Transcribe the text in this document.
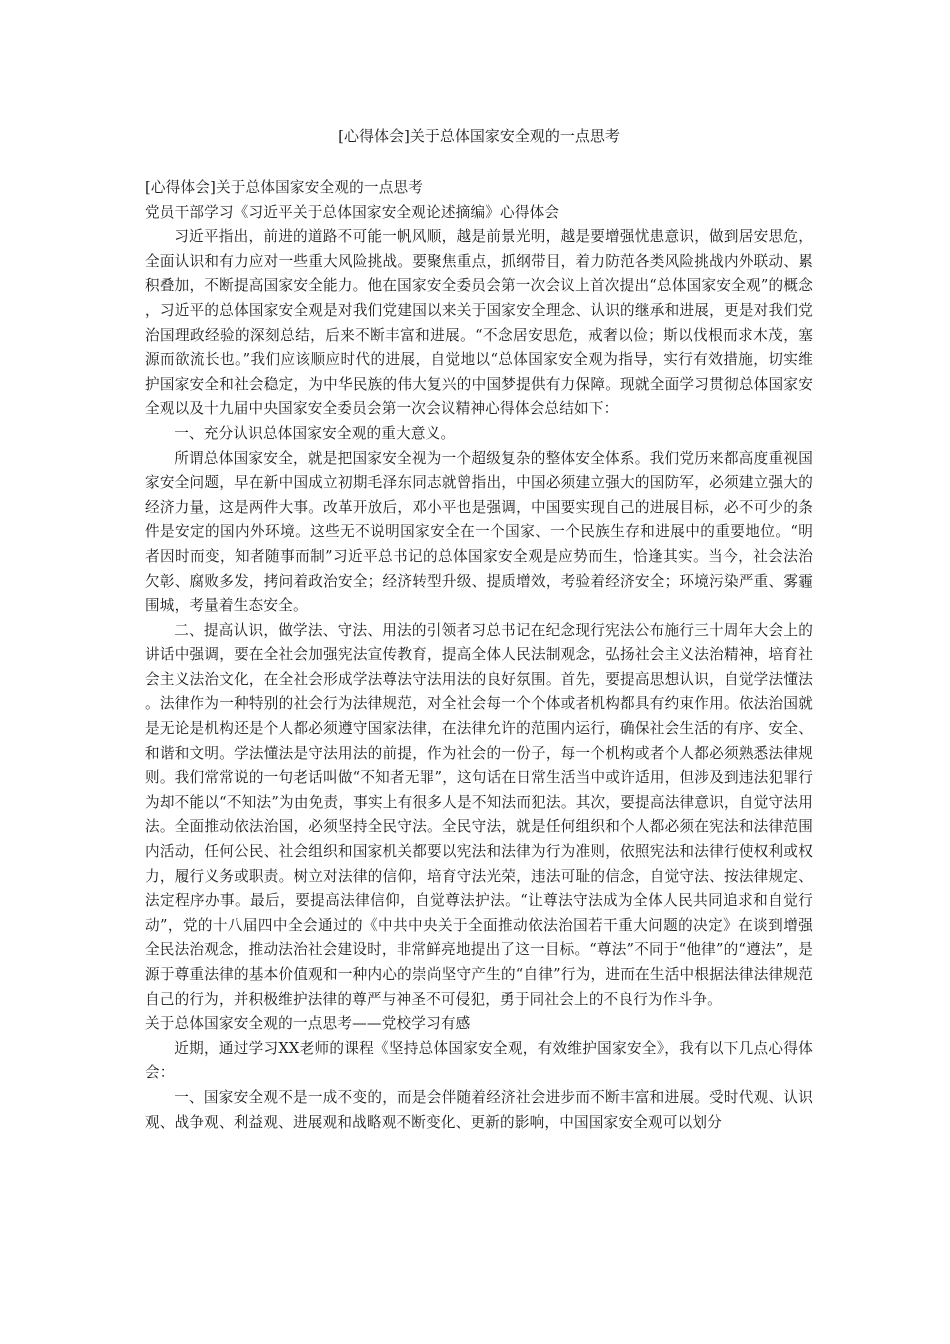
[心得体会]关于总体国家安全观的一点思考

[心得体会]关于总体国家安全观的一点思考

党员干部学习《习近平关于总体国家安全观论述摘编》心得体会

习近平指出，前进的道路不可能一帆风顺，越是前景光明，越是要增强忧患意识，做到居安思危，全面认识和有力应对一些重大风险挑战。要聚焦重点，抓纲带目，着力防范各类风险挑战内外联动、累积叠加，不断提高国家安全能力。他在国家安全委员会第一次会议上首次提出“总体国家安全观”的概念，习近平的总体国家安全观是对我们党建国以来关于国家安全理念、认识的继承和进展，更是对我们党治国理政经验的深刻总结，后来不断丰富和进展。“不念居安思危，戒奢以俭；斯以伐根而求木茂，塞源而欲流长也。”我们应该顺应时代的进展，自觉地以“总体国家安全观为指导，实行有效措施，切实维护国家安全和社会稳定，为中华民族的伟大复兴的中国梦提供有力保障。现就全面学习贯彻总体国家安全观以及十九届中央国家安全委员会第一次会议精神心得体会总结如下：

一、充分认识总体国家安全观的重大意义。

所谓总体国家安全，就是把国家安全视为一个超级复杂的整体安全体系。我们党历来都高度重视国家安全问题，早在新中国成立初期毛泽东同志就曾指出，中国必须建立强大的国防军，必须建立强大的经济力量，这是两件大事。改革开放后，邓小平也是强调，中国要实现自己的进展目标，必不可少的条件是安定的国内外环境。这些无不说明国家安全在一个国家、一个民族生存和进展中的重要地位。“明者因时而变，知者随事而制”习近平总书记的总体国家安全观是应势而生，恰逢其实。当今，社会法治欠彰、腐败多发，拷问着政治安全；经济转型升级、提质增效，考验着经济安全；环境污染严重、雾霾围城，考量着生态安全。

二、提高认识，做学法、守法、用法的引领者习总书记在纪念现行宪法公布施行三十周年大会上的讲话中强调，要在全社会加强宪法宣传教育，提高全体人民法制观念，弘扬社会主义法治精神，培育社会主义法治文化，在全社会形成学法尊法守法用法的良好氛围。首先，要提高思想认识，自觉学法懂法。法律作为一种特别的社会行为法律规范，对全社会每一个个体或者机构都具有约束作用。依法治国就是无论是机构还是个人都必须遵守国家法律，在法律允许的范围内运行，确保社会生活的有序、安全、和谐和文明。学法懂法是守法用法的前提，作为社会的一份子，每一个机构或者个人都必须熟悉法律规则。我们常常说的一句老话叫做“不知者无罪”，这句话在日常生活当中或许适用，但涉及到违法犯罪行为却不能以“不知法”为由免责，事实上有很多人是不知法而犯法。其次，要提高法律意识，自觉守法用法。全面推动依法治国，必须坚持全民守法。全民守法，就是任何组织和个人都必须在宪法和法律范围内活动，任何公民、社会组织和国家机关都要以宪法和法律为行为准则，依照宪法和法律行使权利或权力，履行义务或职责。树立对法律的信仰，培育守法光荣，违法可耻的信念，自觉守法、按法律规定、法定程序办事。最后，要提高法律信仰，自觉尊法护法。“让尊法守法成为全体人民共同追求和自觉行动”，党的十八届四中全会通过的《中共中央关于全面推动依法治国若干重大问题的决定》在谈到增强全民法治观念，推动法治社会建设时，非常鲜亮地提出了这一目标。“尊法”不同于“他律”的“遵法”，是源于尊重法律的基本价值观和一种内心的崇尚坚守产生的“自律”行为，进而在生活中根据法律法律规范自己的行为，并积极维护法律的尊严与神圣不可侵犯，勇于同社会上的不良行为作斗争。

关于总体国家安全观的一点思考——党校学习有感

近期，通过学习XX老师的课程《坚持总体国家安全观，有效维护国家安全》，我有以下几点心得体会：

一、国家安全观不是一成不变的，而是会伴随着经济社会进步而不断丰富和进展。受时代观、认识观、战争观、利益观、进展观和战略观不断变化、更新的影响，中国国家安全观可以划分
